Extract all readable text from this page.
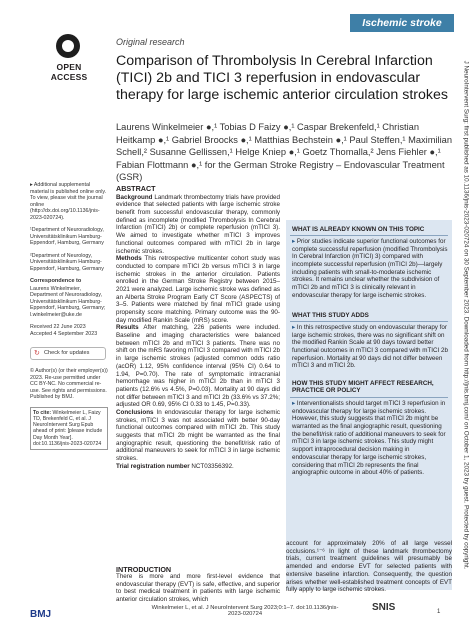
Ischemic stroke
J NeuroIntervent Surg: first published as 10.1136/jnis-2023-020724 on 30 September 2023. Downloaded from http://jnis.bmj.com/ on October 1, 2023 by guest. Protected by copyright.
OPEN ACCESS
Original research
Comparison of Thrombolysis In Cerebral Infarction (TICI) 2b and TICI 3 reperfusion in endovascular therapy for large ischemic anterior circulation strokes
Laurens Winkelmeier ●,¹ Tobias D Faizy ●,¹ Caspar Brekenfeld,¹ Christian Heitkamp ●,¹ Gabriel Broocks ●,¹ Matthias Bechstein ●,¹ Paul Steffen,¹ Maximilian Schell,² Susanne Gellissen,¹ Helge Kniep ●,¹ Goetz Thomalla,² Jens Fiehler ●,¹ Fabian Flottmann ●,¹ for the German Stroke Registry – Endovascular Treatment (GSR)

▸ Additional supplemental material is published online only. To view, please visit the journal online (http://dx.doi.org/10.1136/jnis-2023-020724).

¹Department of Neuroradiology, Universitätsklinikum Hamburg-Eppendorf, Hamburg, Germany

²Department of Neurology, Universitätsklinikum Hamburg-Eppendorf, Hamburg, Germany

Correspondence to

Laurens Winkelmeier, Department of Neuroradiology, Universitätsklinikum Hamburg-Eppendorf, Hamburg, Germany; l.winkelmeier@uke.de

Received 22 June 2023

Accepted 4 September 2023

↻ Check for updates

© Author(s) (or their employer(s)) 2023. Re-use permitted under CC BY-NC. No commercial re-use. See rights and permissions. Published by BMJ.

To cite: Winkelmeier L, Faizy TD, Brekenfeld C, et al. J NeuroIntervent Surg Epub ahead of print: [please include Day Month Year]. doi:10.1136/jnis-2023-020724
ABSTRACT

Background Landmark thrombectomy trials have provided evidence that selected patients with large ischemic stroke benefit from successful endovascular therapy, commonly defined as incomplete (modified Thrombolysis In Cerebral Infarction (mTICI) 2b) or complete reperfusion (mTICI 3). We aimed to investigate whether mTICI 3 improves functional outcomes compared with mTICI 2b in large ischemic strokes.

Methods This retrospective multicenter cohort study was conducted to compare mTICI 2b versus mTICI 3 in large ischemic strokes in the anterior circulation. Patients enrolled in the German Stroke Registry between 2015–2021 were analyzed. Large ischemic stroke was defined as an Alberta Stroke Program Early CT Score (ASPECTS) of 3–5. Patients were matched by final mTICI grade using propensity score matching. Primary outcome was the 90-day modified Rankin Scale (mRS) score.

Results After matching, 226 patients were included. Baseline and imaging characteristics were balanced between mTICI 2b and mTICI 3 patients. There was no shift on the mRS favoring mTICI 3 compared with mTICI 2b in large ischemic strokes (adjusted common odds ratio (acOR) 1.12, 95% confidence interval (95% CI) 0.64 to 1.94, P=0.70). The rate of symptomatic intracranial hemorrhage was higher in mTICI 2b than in mTICI 3 patients (12.6% vs 4.5%, P=0.03). Mortality at 90 days did not differ between mTICI 3 and mTICI 2b (33.6% vs 37.2%; adjusted OR 0.69, 95% CI 0.33 to 1.45, P=0.33).

Conclusions In endovascular therapy for large ischemic strokes, mTICI 3 was not associated with better 90-day functional outcomes compared with mTICI 2b. This study suggests that mTICI 2b might be warranted as the final angiographic result, questioning the benefit/risk ratio of additional maneuvers to seek for mTICI 3 in large ischemic strokes.

Trial registration number NCT03356392.

INTRODUCTION
There is more and more first-level evidence that endovascular therapy (EVT) is safe, effective, and superior to best medical treatment in patients with large ischemic anterior circulation strokes, which
WHAT IS ALREADY KNOWN ON THIS TOPIC
▸ Prior studies indicate superior functional outcomes for complete successful reperfusion (modified Thrombolysis In Cerebral Infarction (mTICI) 3) compared with incomplete successful reperfusion (mTICI 2b)—largely including patients with small-to-moderate ischemic strokes. It remains unclear whether the subdivision of mTICI 2b and mTICI 3 is clinically relevant in endovascular therapy for large ischemic strokes.
WHAT THIS STUDY ADDS
▸ In this retrospective study on endovascular therapy for large ischemic strokes, there was no significant shift on the modified Rankin Scale at 90 days toward better functional outcomes in mTICI 3 compared with mTICI 2b reperfusion. Mortality at 90 days did not differ between mTICI 3 and mTICI 2b.
HOW THIS STUDY MIGHT AFFECT RESEARCH, PRACTICE OR POLICY
▸ Interventionalists should target mTICI 3 reperfusion in endovascular therapy for large ischemic strokes. However, this study suggests that mTICI 2b might be warranted as the final angiographic result, questioning the benefit/risk ratio of additional maneuvers to seek for mTICI 3 in large ischemic strokes. This study might support intraprocedural decision making in endovascular therapy for large ischemic strokes, considering that mTICI 2b represents the final angiographic outcome in about 40% of patients.
account for approximately 20% of all large vessel occlusions.¹⁻⁶ In light of these landmark thrombectomy trials, current treatment guidelines will presumably be amended and endorse EVT for selected patients with extensive baseline infarction. Consequently, the question arises whether well-established treatment concepts of EVT fully apply to large ischemic strokes.
BMJ
Winkelmeier L, et al. J NeuroIntervent Surg 2023;0:1–7. doi:10.1136/jnis-2023-020724
SNIS	1
